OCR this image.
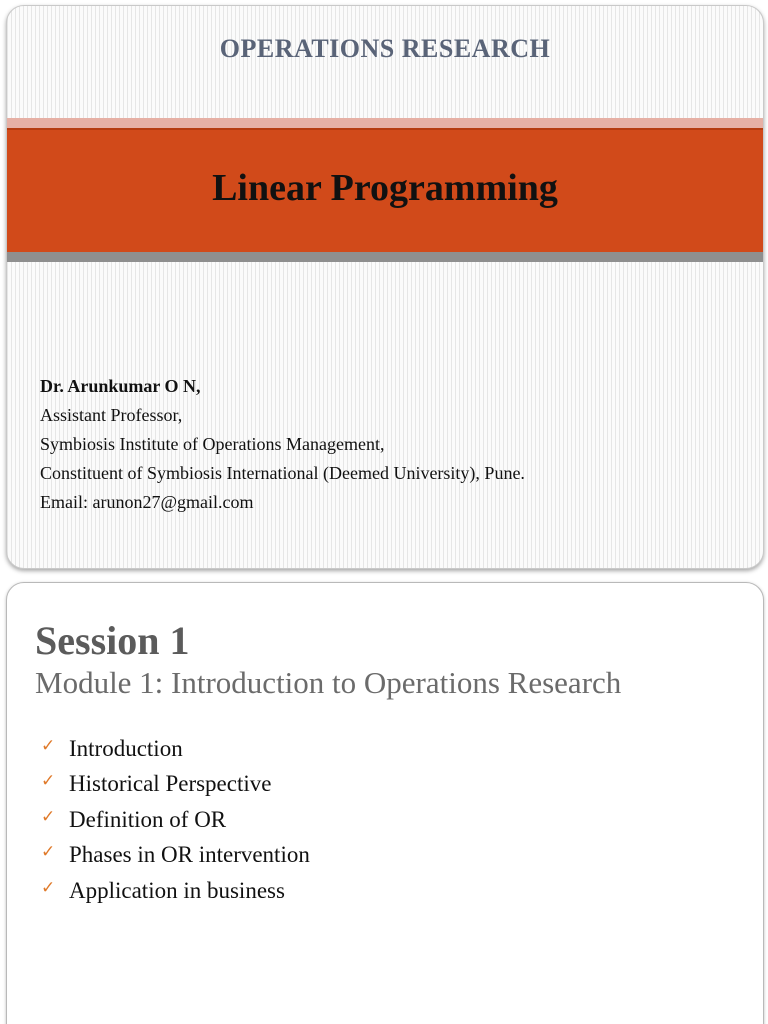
OPERATIONS RESEARCH
Linear Programming
Dr. Arunkumar O N,
Assistant Professor,
Symbiosis Institute of Operations Management,
Constituent of Symbiosis International (Deemed University), Pune.
Email: arunon27@gmail.com
Session 1
Module 1: Introduction to Operations Research
✓ Introduction
✓ Historical Perspective
✓ Definition of OR
✓ Phases in OR intervention
✓ Application in business
